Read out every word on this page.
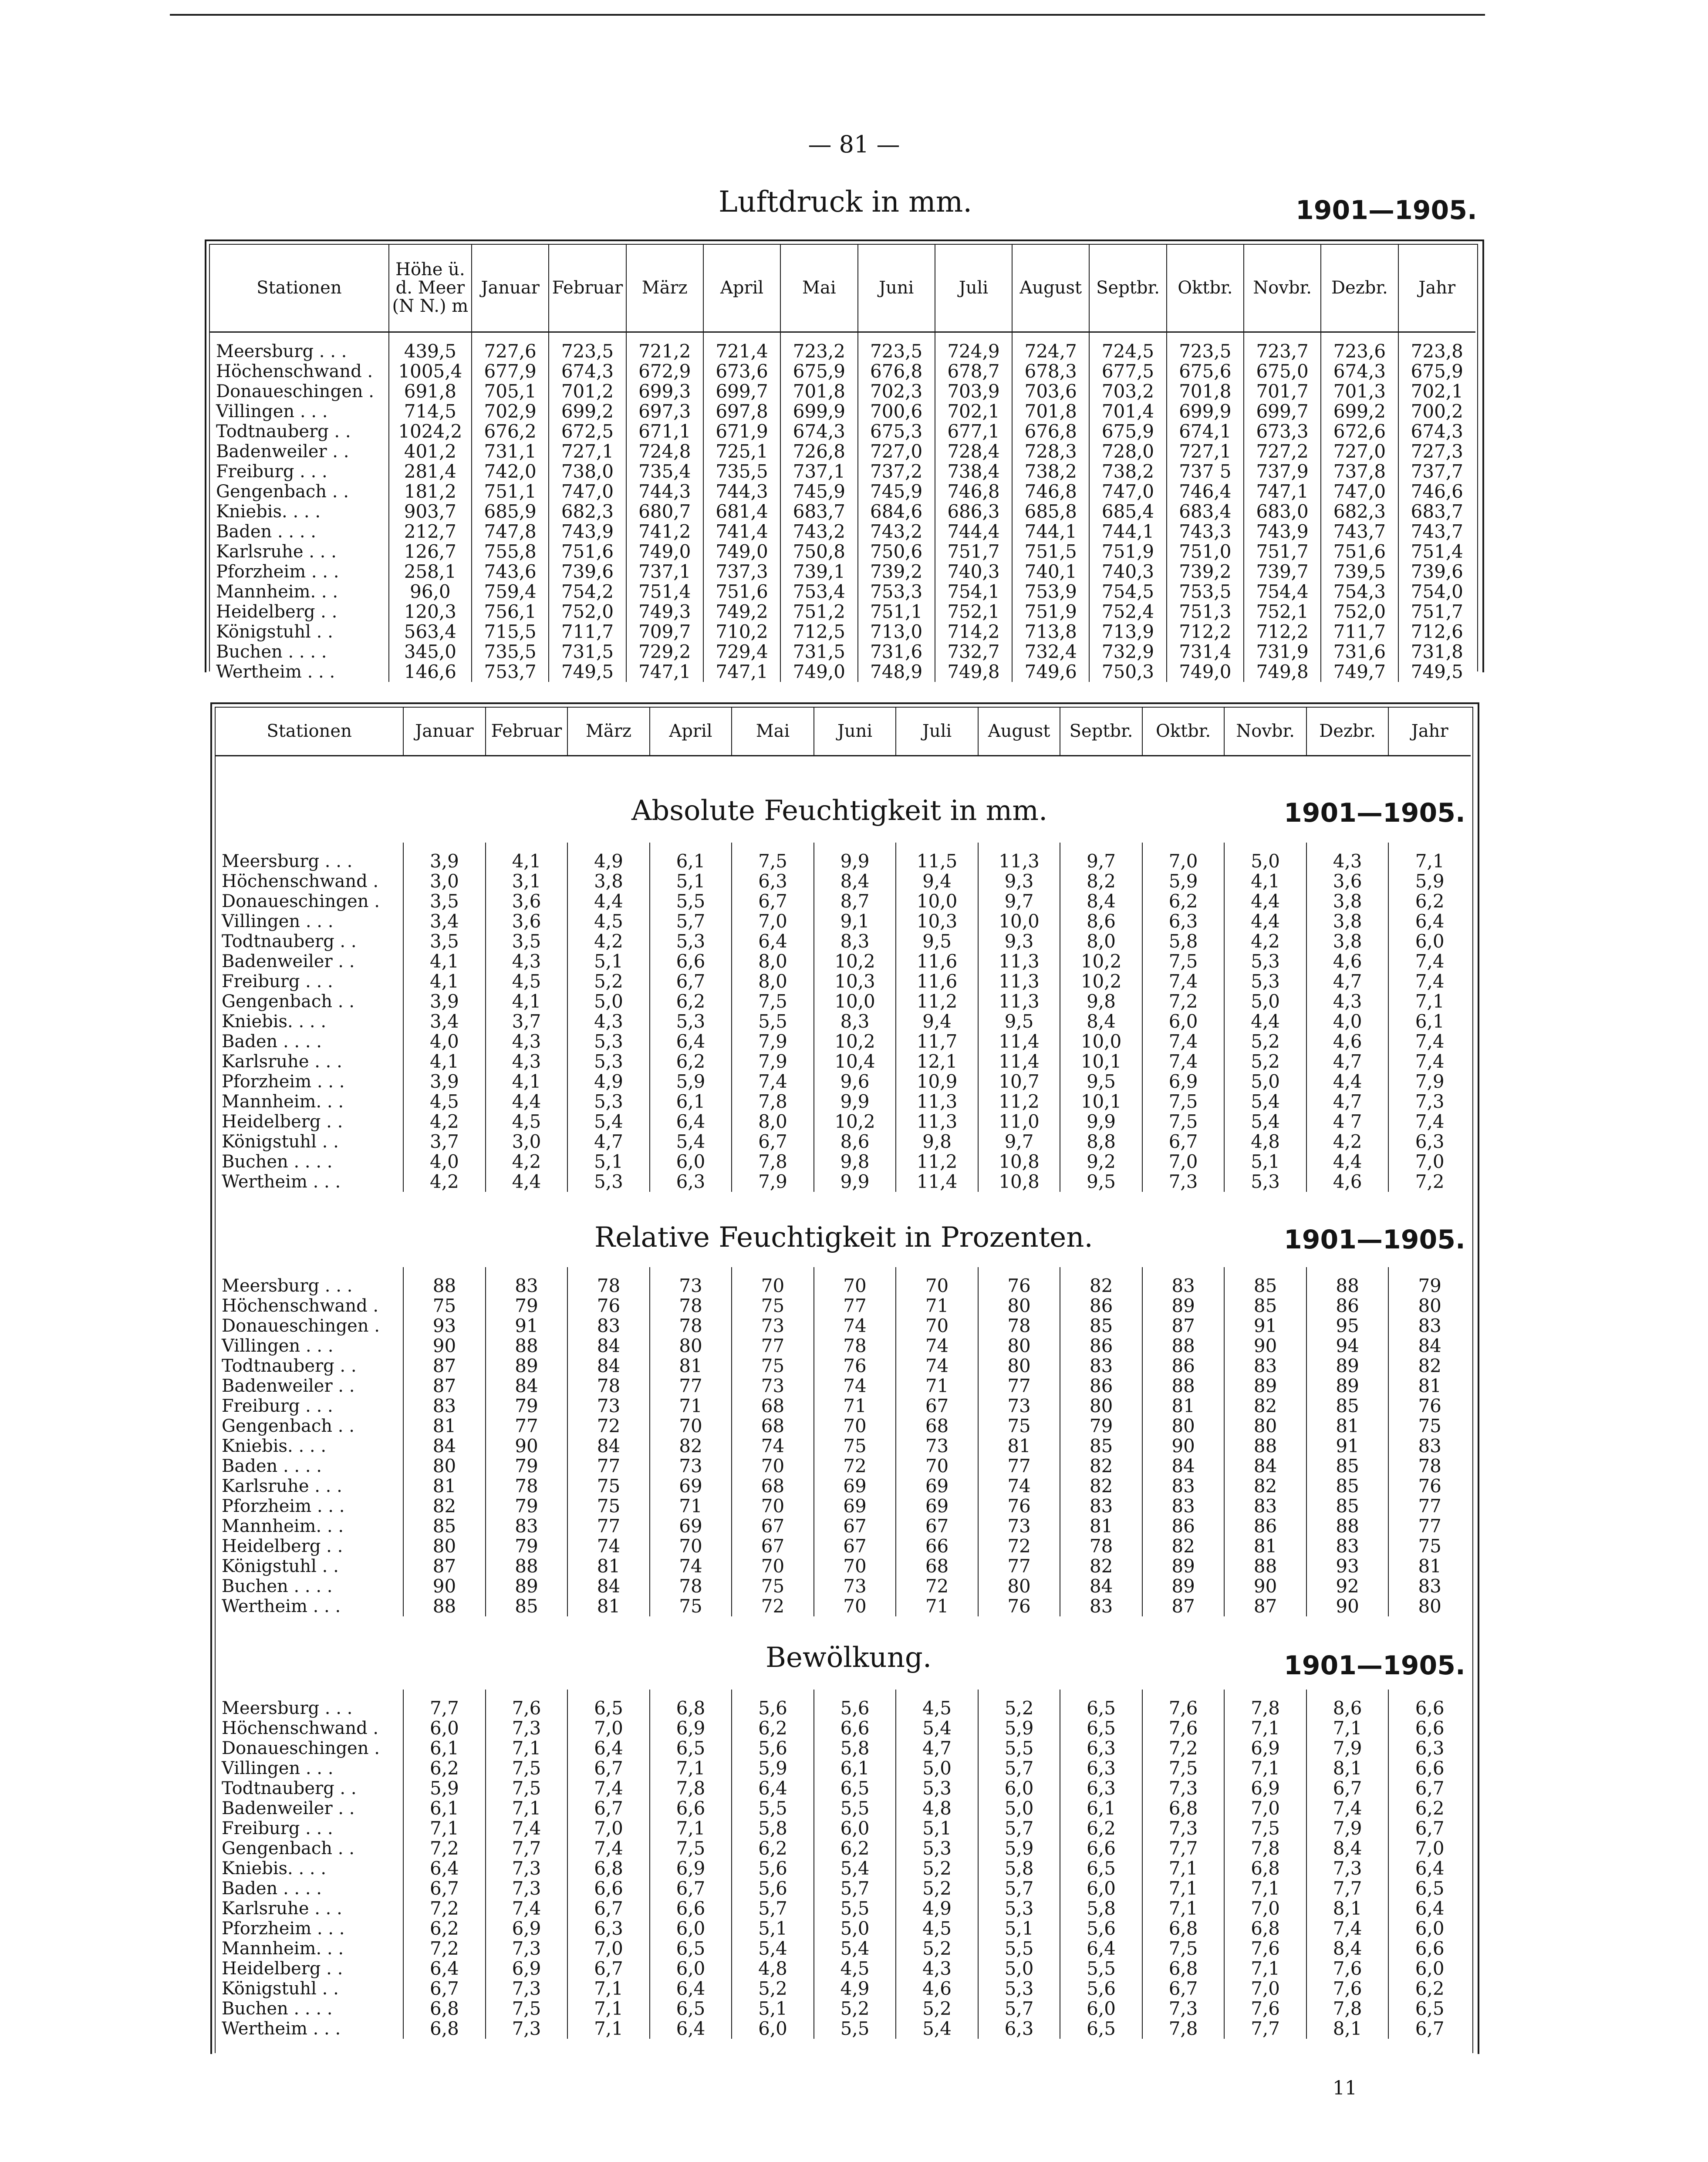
— 81 —
Luftdruck in mm.	1901—1905.
Stationen	Höhe ü. d. Meer (N N.) m	Januar	Februar	März	April	Mai	Juni	Juli	August	Septbr.	Oktbr.	Novbr.	Dezbr.	Jahr
Meersburg . . .	439,5	727,6	723,5	721,2	721,4	723,2	723,5	724,9	724,7	724,5	723,5	723,7	723,6	723,8
Höchenschwand .	1005,4	677,9	674,3	672,9	673,6	675,9	676,8	678,7	678,3	677,5	675,6	675,0	674,3	675,9
Donaueschingen .	691,8	705,1	701,2	699,3	699,7	701,8	702,3	703,9	703,6	703,2	701,8	701,7	701,3	702,1
Villingen . . .	714,5	702,9	699,2	697,3	697,8	699,9	700,6	702,1	701,8	701,4	699,9	699,7	699,2	700,2
Todtnauberg . .	1024,2	676,2	672,5	671,1	671,9	674,3	675,3	677,1	676,8	675,9	674,1	673,3	672,6	674,3
Badenweiler . .	401,2	731,1	727,1	724,8	725,1	726,8	727,0	728,4	728,3	728,0	727,1	727,2	727,0	727,3
Freiburg . . .	281,4	742,0	738,0	735,4	735,5	737,1	737,2	738,4	738,2	738,2	737 5	737,9	737,8	737,7
Gengenbach . .	181,2	751,1	747,0	744,3	744,3	745,9	745,9	746,8	746,8	747,0	746,4	747,1	747,0	746,6
Kniebis. . . .	903,7	685,9	682,3	680,7	681,4	683,7	684,6	686,3	685,8	685,4	683,4	683,0	682,3	683,7
Baden . . . .	212,7	747,8	743,9	741,2	741,4	743,2	743,2	744,4	744,1	744,1	743,3	743,9	743,7	743,7
Karlsruhe . . .	126,7	755,8	751,6	749,0	749,0	750,8	750,6	751,7	751,5	751,9	751,0	751,7	751,6	751,4
Pforzheim . . .	258,1	743,6	739,6	737,1	737,3	739,1	739,2	740,3	740,1	740,3	739,2	739,7	739,5	739,6
Mannheim. . .	96,0	759,4	754,2	751,4	751,6	753,4	753,3	754,1	753,9	754,5	753,5	754,4	754,3	754,0
Heidelberg . .	120,3	756,1	752,0	749,3	749,2	751,2	751,1	752,1	751,9	752,4	751,3	752,1	752,0	751,7
Königstuhl . .	563,4	715,5	711,7	709,7	710,2	712,5	713,0	714,2	713,8	713,9	712,2	712,2	711,7	712,6
Buchen . . . .	345,0	735,5	731,5	729,2	729,4	731,5	731,6	732,7	732,4	732,9	731,4	731,9	731,6	731,8
Wertheim . . .	146,6	753,7	749,5	747,1	747,1	749,0	748,9	749,8	749,6	750,3	749,0	749,8	749,7	749,5
Stationen	Januar	Februar	März	April	Mai	Juni	Juli	August	Septbr.	Oktbr.	Novbr.	Dezbr.	Jahr
Absolute Feuchtigkeit in mm.	1901—1905.
Meersburg . . .	3,9	4,1	4,9	6,1	7,5	9,9	11,5	11,3	9,7	7,0	5,0	4,3	7,1
Höchenschwand .	3,0	3,1	3,8	5,1	6,3	8,4	9,4	9,3	8,2	5,9	4,1	3,6	5,9
Donaueschingen .	3,5	3,6	4,4	5,5	6,7	8,7	10,0	9,7	8,4	6,2	4,4	3,8	6,2
Villingen . . .	3,4	3,6	4,5	5,7	7,0	9,1	10,3	10,0	8,6	6,3	4,4	3,8	6,4
Todtnauberg . .	3,5	3,5	4,2	5,3	6,4	8,3	9,5	9,3	8,0	5,8	4,2	3,8	6,0
Badenweiler . .	4,1	4,3	5,1	6,6	8,0	10,2	11,6	11,3	10,2	7,5	5,3	4,6	7,4
Freiburg . . .	4,1	4,5	5,2	6,7	8,0	10,3	11,6	11,3	10,2	7,4	5,3	4,7	7,4
Gengenbach . .	3,9	4,1	5,0	6,2	7,5	10,0	11,2	11,3	9,8	7,2	5,0	4,3	7,1
Kniebis. . . .	3,4	3,7	4,3	5,3	5,5	8,3	9,4	9,5	8,4	6,0	4,4	4,0	6,1
Baden . . . .	4,0	4,3	5,3	6,4	7,9	10,2	11,7	11,4	10,0	7,4	5,2	4,6	7,4
Karlsruhe . . .	4,1	4,3	5,3	6,2	7,9	10,4	12,1	11,4	10,1	7,4	5,2	4,7	7,4
Pforzheim . . .	3,9	4,1	4,9	5,9	7,4	9,6	10,9	10,7	9,5	6,9	5,0	4,4	7,9
Mannheim. . .	4,5	4,4	5,3	6,1	7,8	9,9	11,3	11,2	10,1	7,5	5,4	4,7	7,3
Heidelberg . .	4,2	4,5	5,4	6,4	8,0	10,2	11,3	11,0	9,9	7,5	5,4	4 7	7,4
Königstuhl . .	3,7	3,0	4,7	5,4	6,7	8,6	9,8	9,7	8,8	6,7	4,8	4,2	6,3
Buchen . . . .	4,0	4,2	5,1	6,0	7,8	9,8	11,2	10,8	9,2	7,0	5,1	4,4	7,0
Wertheim . . .	4,2	4,4	5,3	6,3	7,9	9,9	11,4	10,8	9,5	7,3	5,3	4,6	7,2
Relative Feuchtigkeit in Prozenten.	1901—1905.
Meersburg . . .	88	83	78	73	70	70	70	76	82	83	85	88	79
Höchenschwand .	75	79	76	78	75	77	71	80	86	89	85	86	80
Donaueschingen .	93	91	83	78	73	74	70	78	85	87	91	95	83
Villingen . . .	90	88	84	80	77	78	74	80	86	88	90	94	84
Todtnauberg . .	87	89	84	81	75	76	74	80	83	86	83	89	82
Badenweiler . .	87	84	78	77	73	74	71	77	86	88	89	89	81
Freiburg . . .	83	79	73	71	68	71	67	73	80	81	82	85	76
Gengenbach . .	81	77	72	70	68	70	68	75	79	80	80	81	75
Kniebis. . . .	84	90	84	82	74	75	73	81	85	90	88	91	83
Baden . . . .	80	79	77	73	70	72	70	77	82	84	84	85	78
Karlsruhe . . .	81	78	75	69	68	69	69	74	82	83	82	85	76
Pforzheim . . .	82	79	75	71	70	69	69	76	83	83	83	85	77
Mannheim. . .	85	83	77	69	67	67	67	73	81	86	86	88	77
Heidelberg . .	80	79	74	70	67	67	66	72	78	82	81	83	75
Königstuhl . .	87	88	81	74	70	70	68	77	82	89	88	93	81
Buchen . . . .	90	89	84	78	75	73	72	80	84	89	90	92	83
Wertheim . . .	88	85	81	75	72	70	71	76	83	87	87	90	80
Bewölkung.	1901—1905.
Meersburg . . .	7,7	7,6	6,5	6,8	5,6	5,6	4,5	5,2	6,5	7,6	7,8	8,6	6,6
Höchenschwand .	6,0	7,3	7,0	6,9	6,2	6,6	5,4	5,9	6,5	7,6	7,1	7,1	6,6
Donaueschingen .	6,1	7,1	6,4	6,5	5,6	5,8	4,7	5,5	6,3	7,2	6,9	7,9	6,3
Villingen . . .	6,2	7,5	6,7	7,1	5,9	6,1	5,0	5,7	6,3	7,5	7,1	8,1	6,6
Todtnauberg . .	5,9	7,5	7,4	7,8	6,4	6,5	5,3	6,0	6,3	7,3	6,9	6,7	6,7
Badenweiler . .	6,1	7,1	6,7	6,6	5,5	5,5	4,8	5,0	6,1	6,8	7,0	7,4	6,2
Freiburg . . .	7,1	7,4	7,0	7,1	5,8	6,0	5,1	5,7	6,2	7,3	7,5	7,9	6,7
Gengenbach . .	7,2	7,7	7,4	7,5	6,2	6,2	5,3	5,9	6,6	7,7	7,8	8,4	7,0
Kniebis. . . .	6,4	7,3	6,8	6,9	5,6	5,4	5,2	5,8	6,5	7,1	6,8	7,3	6,4
Baden . . . .	6,7	7,3	6,6	6,7	5,6	5,7	5,2	5,7	6,0	7,1	7,1	7,7	6,5
Karlsruhe . . .	7,2	7,4	6,7	6,6	5,7	5,5	4,9	5,3	5,8	7,1	7,0	8,1	6,4
Pforzheim . . .	6,2	6,9	6,3	6,0	5,1	5,0	4,5	5,1	5,6	6,8	6,8	7,4	6,0
Mannheim. . .	7,2	7,3	7,0	6,5	5,4	5,4	5,2	5,5	6,4	7,5	7,6	8,4	6,6
Heidelberg . .	6,4	6,9	6,7	6,0	4,8	4,5	4,3	5,0	5,5	6,8	7,1	7,6	6,0
Königstuhl . .	6,7	7,3	7,1	6,4	5,2	4,9	4,6	5,3	5,6	6,7	7,0	7,6	6,2
Buchen . . . .	6,8	7,5	7,1	6,5	5,1	5,2	5,2	5,7	6,0	7,3	7,6	7,8	6,5
Wertheim . . .	6,8	7,3	7,1	6,4	6,0	5,5	5,4	6,3	6,5	7,8	7,7	8,1	6,7
11
